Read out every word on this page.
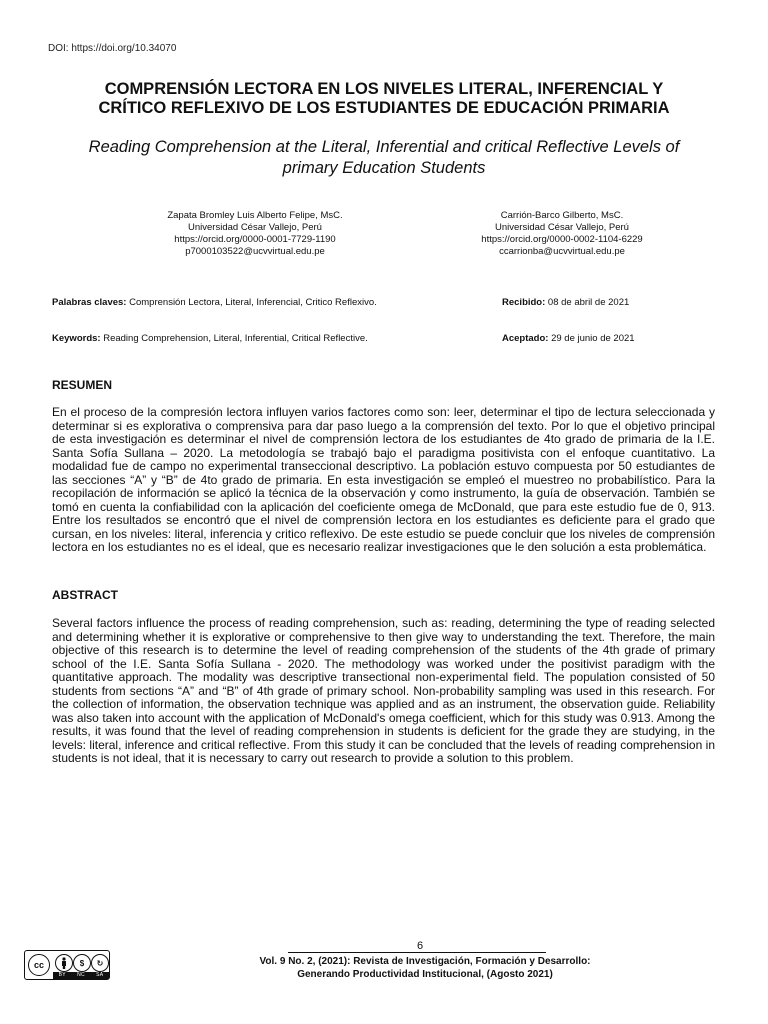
DOI: https://doi.org/10.34070
COMPRENSIÓN LECTORA EN LOS NIVELES LITERAL, INFERENCIAL Y
CRÍTICO REFLEXIVO DE LOS ESTUDIANTES DE EDUCACIÓN PRIMARIA
Reading Comprehension at the Literal, Inferential and critical Reflective Levels of
primary Education Students
Zapata Bromley Luis Alberto Felipe, MsC.
Universidad César Vallejo, Perú
https://orcid.org/0000-0001-7729-1190
p7000103522@ucvvirtual.edu.pe
Carrión-Barco Gilberto, MsC.
Universidad César Vallejo, Perú
https://orcid.org/0000-0002-1104-6229
ccarrionba@ucvvirtual.edu.pe
Palabras claves: Comprensión Lectora, Literal, Inferencial, Critico Reflexivo.	Recibido: 08 de abril de 2021
Keywords: Reading Comprehension, Literal, Inferential, Critical Reflective.	Aceptado: 29 de junio de 2021
RESUMEN
En el proceso de la compresión lectora influyen varios factores como son: leer, determinar el tipo de lectura seleccionada y determinar si es explorativa o comprensiva para dar paso luego a la comprensión del texto. Por lo que el objetivo principal de esta investigación es determinar el nivel de comprensión lectora de los estudiantes de 4to grado de primaria de la I.E. Santa Sofía Sullana – 2020. La metodología se trabajó bajo el paradigma positivista con el enfoque cuantitativo. La modalidad fue de campo no experimental transeccional descriptivo. La población estuvo compuesta por 50 estudiantes de las secciones “A” y “B” de 4to grado de primaria. En esta investigación se empleó el muestreo no probabilístico. Para la recopilación de información se aplicó la técnica de la observación y como instrumento, la guía de observación. También se tomó en cuenta la confiabilidad con la aplicación del coeficiente omega de McDonald, que para este estudio fue de 0, 913. Entre los resultados se encontró que el nivel de comprensión lectora en los estudiantes es deficiente para el grado que cursan, en los niveles: literal, inferencia y critico reflexivo. De este estudio se puede concluir que los niveles de comprensión lectora en los estudiantes no es el ideal, que es necesario realizar investigaciones que le den solución a esta problemática.
ABSTRACT
Several factors influence the process of reading comprehension, such as: reading, determining the type of reading selected and determining whether it is explorative or comprehensive to then give way to understanding the text. Therefore, the main objective of this research is to determine the level of reading comprehension of the students of the 4th grade of primary school of the I.E. Santa Sofía Sullana - 2020. The methodology was worked under the positivist paradigm with the quantitative approach. The modality was descriptive transectional non-experimental field. The population consisted of 50 students from sections “A” and “B” of 4th grade of primary school. Non-probability sampling was used in this research. For the collection of information, the observation technique was applied and as an instrument, the observation guide. Reliability was also taken into account with the application of McDonald's omega coefficient, which for this study was 0.913. Among the results, it was found that the level of reading comprehension in students is deficient for the grade they are studying, in the levels: literal, inference and critical reflective. From this study it can be concluded that the levels of reading comprehension in students is not ideal, that it is necessary to carry out research to provide a solution to this problem.
cc	$	↻
BY NC SA
6
Vol. 9 No. 2, (2021): Revista de Investigación, Formación y Desarrollo:
Generando Productividad Institucional, (Agosto 2021)
